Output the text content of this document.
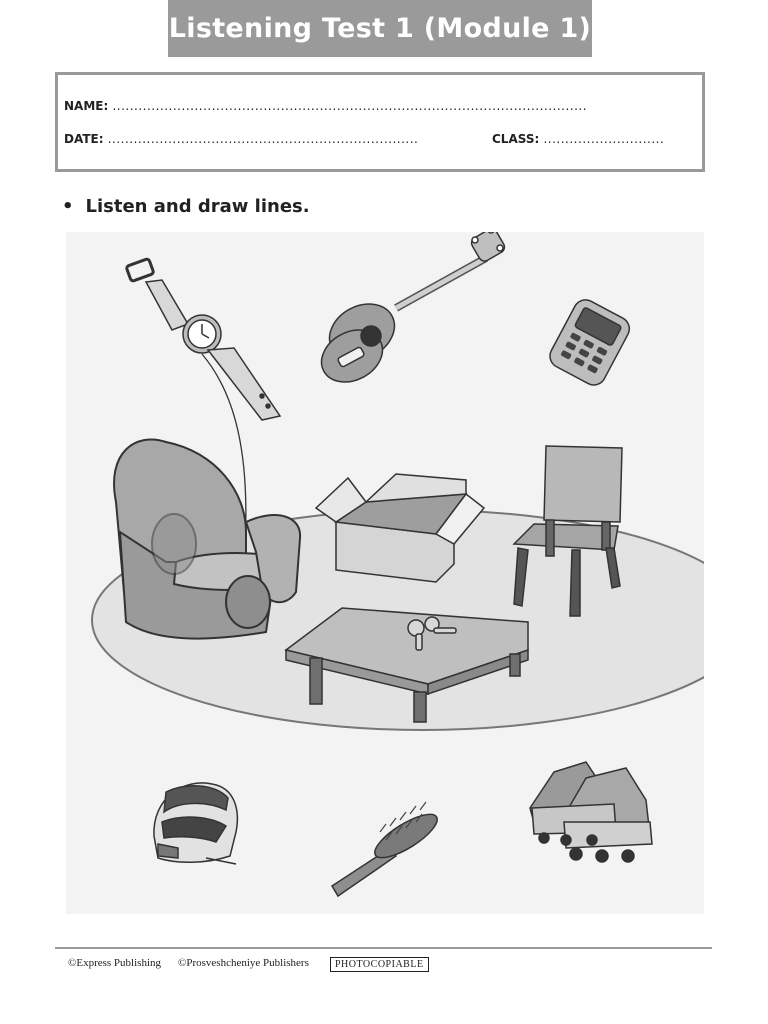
Listening Test 1 (Module 1)
NAME: ..............................................................................................................
DATE: ........................................................................	CLASS: ............................
• Listen and draw lines.
©Express Publishing ©Prosveshcheniye Publishers	PHOTOCOPIABLE
